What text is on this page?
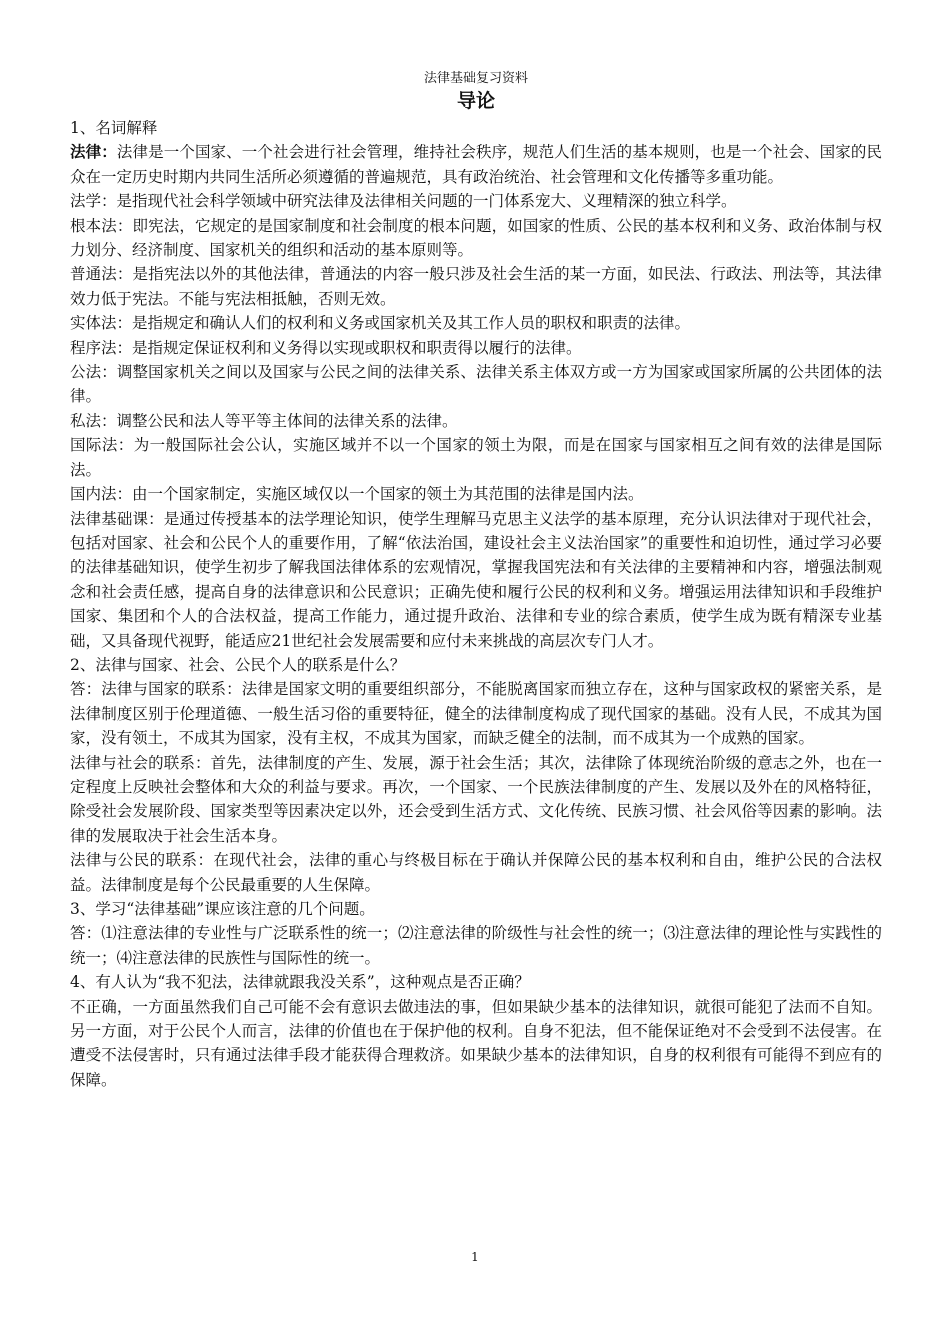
法律基础复习资料

导论

1、名词解释

法律：法律是一个国家、一个社会进行社会管理，维持社会秩序，规范人们生活的基本规则，也是一个社会、国家的民众在一定历史时期内共同生活所必须遵循的普遍规范，具有政治统治、社会管理和文化传播等多重功能。

法学：是指现代社会科学领域中研究法律及法律相关问题的一门体系宠大、义理精深的独立科学。

根本法：即宪法，它规定的是国家制度和社会制度的根本问题，如国家的性质、公民的基本权利和义务、政治体制与权力划分、经济制度、国家机关的组织和活动的基本原则等。

普通法：是指宪法以外的其他法律，普通法的内容一般只涉及社会生活的某一方面，如民法、行政法、刑法等，其法律效力低于宪法。不能与宪法相抵触，否则无效。

实体法：是指规定和确认人们的权利和义务或国家机关及其工作人员的职权和职责的法律。

程序法：是指规定保证权利和义务得以实现或职权和职责得以履行的法律。

公法：调整国家机关之间以及国家与公民之间的法律关系、法律关系主体双方或一方为国家或国家所属的公共团体的法律。

私法：调整公民和法人等平等主体间的法律关系的法律。

国际法：为一般国际社会公认，实施区域并不以一个国家的领土为限，而是在国家与国家相互之间有效的法律是国际法。

国内法：由一个国家制定，实施区域仅以一个国家的领土为其范围的法律是国内法。

法律基础课：是通过传授基本的法学理论知识，使学生理解马克思主义法学的基本原理，充分认识法律对于现代社会，包括对国家、社会和公民个人的重要作用，了解“依法治国，建设社会主义法治国家”的重要性和迫切性，通过学习必要的法律基础知识，使学生初步了解我国法律体系的宏观情况，掌握我国宪法和有关法律的主要精神和内容，增强法制观念和社会责任感，提高自身的法律意识和公民意识；正确先使和履行公民的权利和义务。增强运用法律知识和手段维护国家、集团和个人的合法权益，提高工作能力，通过提升政治、法律和专业的综合素质，使学生成为既有精深专业基础，又具备现代视野，能适应21世纪社会发展需要和应付未来挑战的高层次专门人才。

2、法律与国家、社会、公民个人的联系是什么？

答：法律与国家的联系：法律是国家文明的重要组织部分，不能脱离国家而独立存在，这种与国家政权的紧密关系，是法律制度区别于伦理道德、一般生活习俗的重要特征，健全的法律制度构成了现代国家的基础。没有人民，不成其为国家，没有领土，不成其为国家，没有主权，不成其为国家，而缺乏健全的法制，而不成其为一个成熟的国家。

法律与社会的联系：首先，法律制度的产生、发展，源于社会生活；其次，法律除了体现统治阶级的意志之外，也在一定程度上反映社会整体和大众的利益与要求。再次，一个国家、一个民族法律制度的产生、发展以及外在的风格特征，除受社会发展阶段、国家类型等因素决定以外，还会受到生活方式、文化传统、民族习惯、社会风俗等因素的影响。法律的发展取决于社会生活本身。

法律与公民的联系：在现代社会，法律的重心与终极目标在于确认并保障公民的基本权利和自由，维护公民的合法权益。法律制度是每个公民最重要的人生保障。

3、学习“法律基础”课应该注意的几个问题。

答：⑴注意法律的专业性与广泛联系性的统一；⑵注意法律的阶级性与社会性的统一；⑶注意法律的理论性与实践性的统一；⑷注意法律的民族性与国际性的统一。

4、有人认为“我不犯法，法律就跟我没关系”，这种观点是否正确？

不正确，一方面虽然我们自己可能不会有意识去做违法的事，但如果缺少基本的法律知识，就很可能犯了法而不自知。另一方面，对于公民个人而言，法律的价值也在于保护他的权利。自身不犯法，但不能保证绝对不会受到不法侵害。在遭受不法侵害时，只有通过法律手段才能获得合理救济。如果缺少基本的法律知识，自身的权利很有可能得不到应有的保障。

1
